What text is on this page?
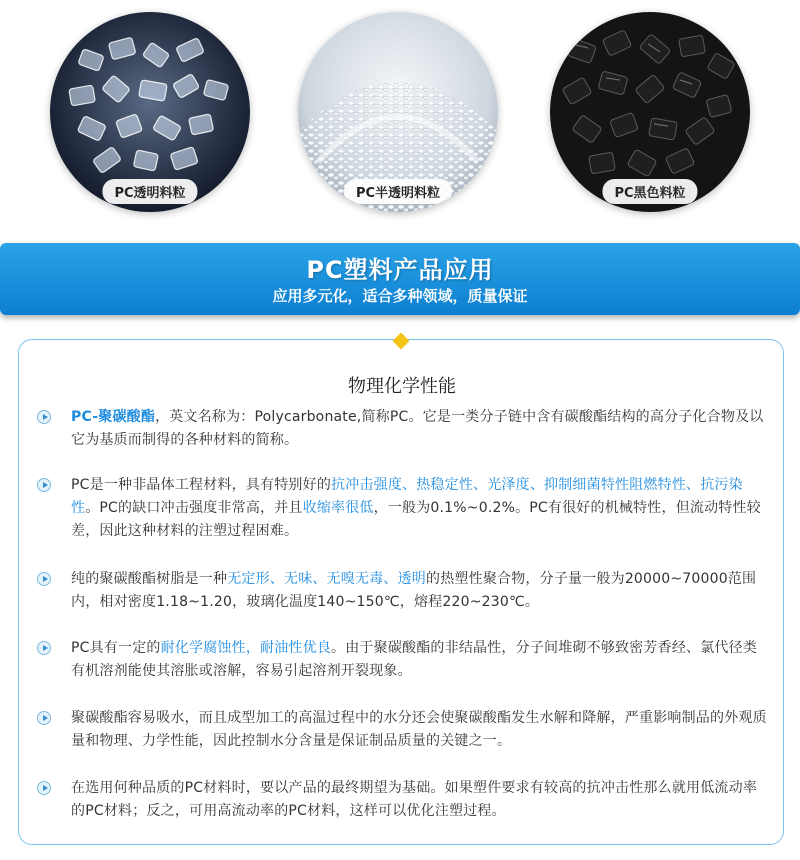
PC透明料粒	PC半透明料粒	PC黑色料粒
PC塑料产品应用
应用多元化，适合多种领域，质量保证
物理化学性能
PC-聚碳酸酯，英文名称为：Polycarbonate,简称PC。它是一类分子链中含有碳酸酯结构的高分子化合物及以它为基质而制得的各种材料的简称。
PC是一种非晶体工程材料，具有特别好的抗冲击强度、热稳定性、光泽度、抑制细菌特性阻燃特性、抗污染性。PC的缺口冲击强度非常高，并且收缩率很低，一般为0.1%~0.2%。PC有很好的机械特性，但流动特性较差，因此这种材料的注塑过程困难。
纯的聚碳酸酯树脂是一种无定形、无味、无嗅无毒、透明的热塑性聚合物，分子量一般为20000~70000范围内，相对密度1.18~1.20，玻璃化温度140~150℃，熔程220~230℃。
PC具有一定的耐化学腐蚀性，耐油性优良。由于聚碳酸酯的非结晶性，分子间堆砌不够致密芳香经、氯代径类有机溶剂能使其溶胀或溶解，容易引起溶剂开裂现象。
聚碳酸酯容易吸水，而且成型加工的高温过程中的水分还会使聚碳酸酯发生水解和降解，严重影响制品的外观质量和物理、力学性能，因此控制水分含量是保证制品质量的关键之一。
在选用何种品质的PC材料时，要以产品的最终期望为基础。如果塑件要求有较高的抗冲击性那么就用低流动率的PC材料；反之，可用高流动率的PC材料，这样可以优化注塑过程。
